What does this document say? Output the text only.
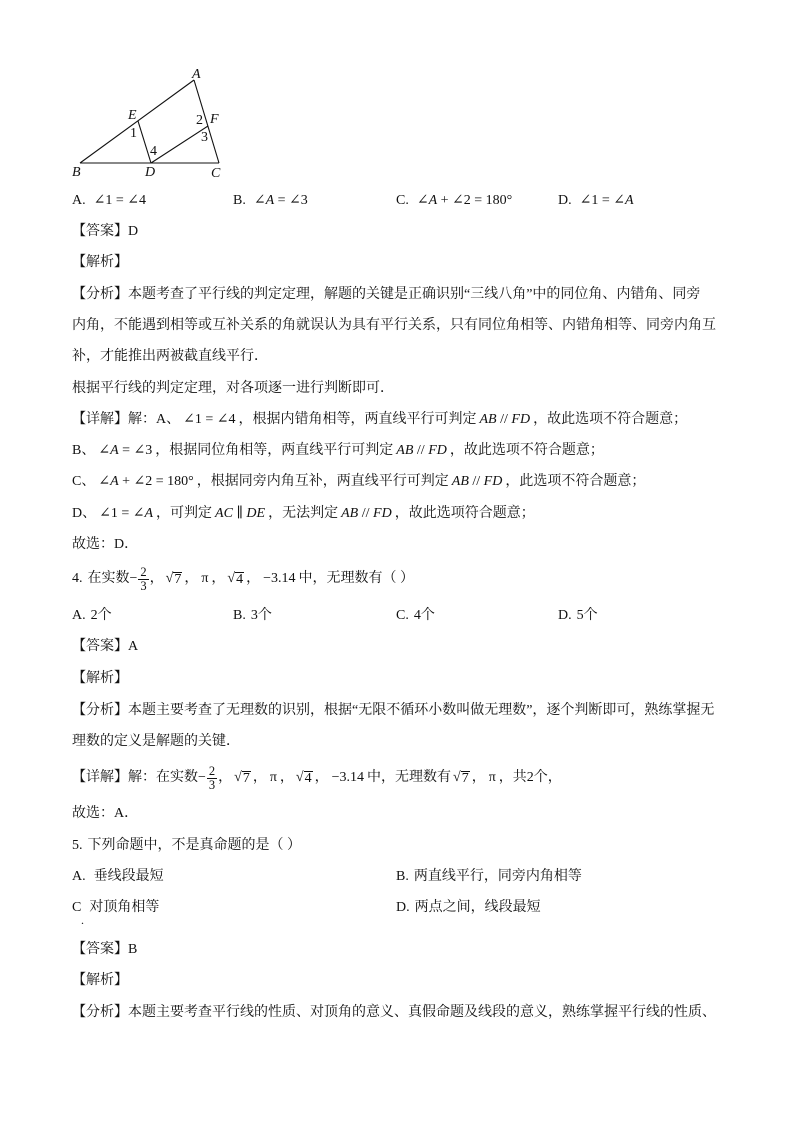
A
E	F
B	D	C
1
2
3
4
A. ∠1 = ∠4	B. ∠A = ∠3	C. ∠A + ∠2 = 180°	D. ∠1 = ∠A
【答案】 D
【解析】
【分析】 本题考查了平行线的判定定理，解题的关键是正确识别“三线八角”中的同位角、内错角、同旁
内角，不能遇到相等或互补关系的角就误认为具有平行关系，只有同位角相等、内错角相等、同旁内角互
补，才能推出两被截直线平行．
根据平行线的判定定理，对各项逐一进行判断即可．
【详解】 解：A、 ∠1 = ∠4 ，根据内错角相等，两直线平行可判定 AB // FD ，故此选项不符合题意；
B、 ∠A = ∠3 ，根据同位角相等，两直线平行可判定 AB // FD ，故此选项不符合题意；
C、 ∠A + ∠2 = 180° ，根据同旁内角互补，两直线平行可判定 AB // FD ，此选项不符合题意；
D、 ∠1 = ∠A ，可判定 AC ∥ DE ，无法判定 AB // FD ，故此选项符合题意；
故选：D．
4. 在实数 − $\frac{2}{3}$ ， √ 7 ， π ， √ 4 ， −3.14 中，无理数有（ ）
A. 2个	B. 3个	C. 4个	D. 5个
【答案】 A
【解析】
【分析】 本题主要考查了无理数的识别，根据“无限不循环小数叫做无理数”，逐个判断即可，熟练掌握无
理数的定义是解题的关键．
【详解】 解：在实数 − $\frac{2}{3}$ ， √ 7 ， π ， √ 4 ， −3.14 中，无理数有 √ 7 ， π ，共2个，
故选：A．
5. 下列命题中，不是真命题的是（ ）
A. 垂线段最短	B. 两直线平行，同旁内角相等
C 对顶角相等
.
D. 两点之间，线段最短
【答案】 B
【解析】
【分析】 本题主要考查平行线的性质、对顶角的意义、真假命题及线段的意义，熟练掌握平行线的性质、
